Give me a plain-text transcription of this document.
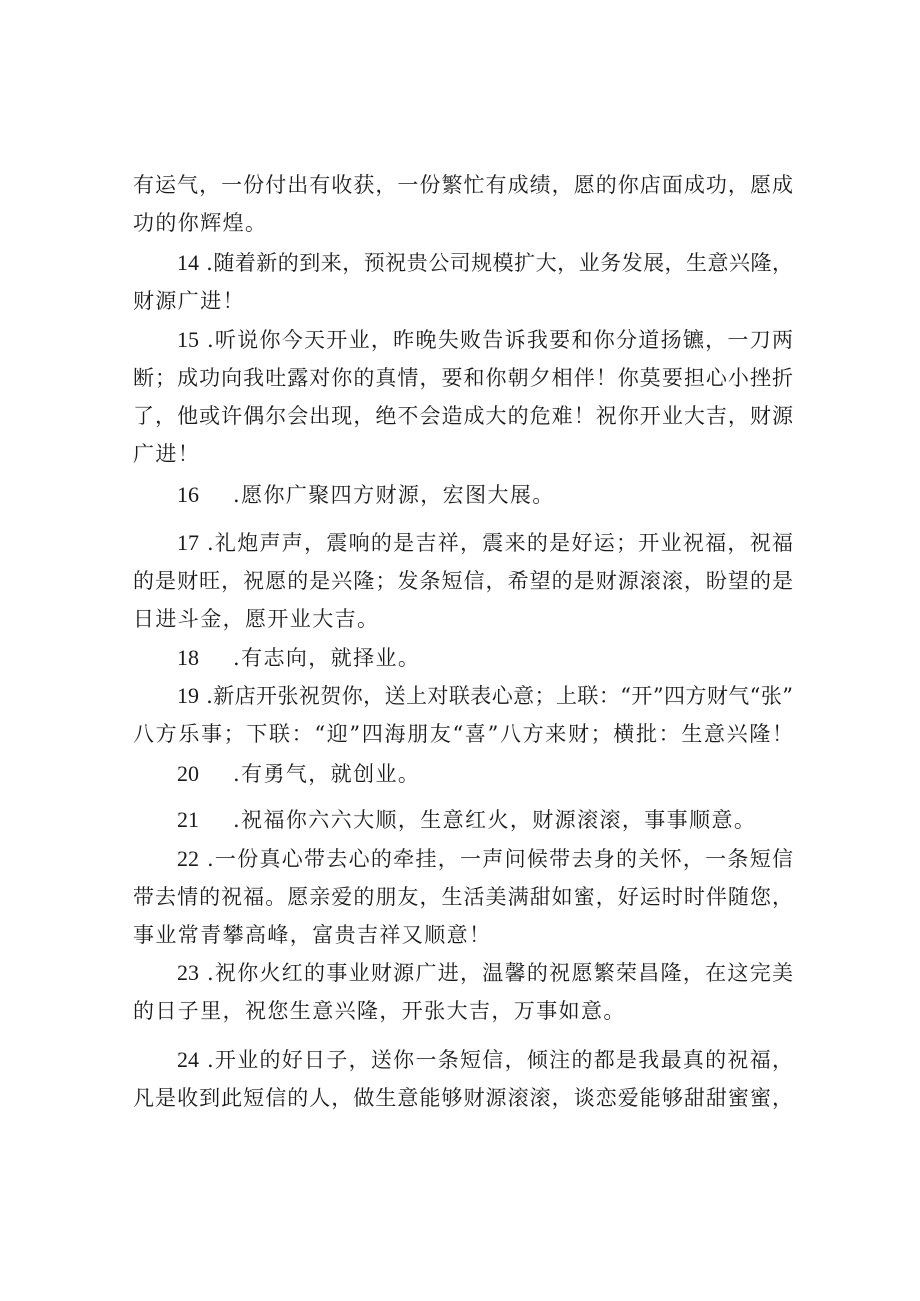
有运气，一份付出有收获，一份繁忙有成绩，愿的你店面成功，愿成
功的你辉煌。
14 .随着新的到来，预祝贵公司规模扩大，业务发展，生意兴隆，
财源广进！
15 .听说你今天开业，昨晚失败告诉我要和你分道扬镳，一刀两
断；成功向我吐露对你的真情，要和你朝夕相伴！你莫要担心小挫折
了，他或许偶尔会出现，绝不会造成大的危难！祝你开业大吉，财源
广进！
16 .愿你广聚四方财源，宏图大展。
17 .礼炮声声，震响的是吉祥，震来的是好运；开业祝福，祝福
的是财旺，祝愿的是兴隆；发条短信，希望的是财源滚滚，盼望的是
日进斗金，愿开业大吉。
18 .有志向，就择业。
19 .新店开张祝贺你，送上对联表心意；上联：“开”四方财气“张”
八方乐事；下联：“迎”四海朋友“喜”八方来财；横批：生意兴隆！
20 .有勇气，就创业。
21 .祝福你六六大顺，生意红火，财源滚滚，事事顺意。
22 .一份真心带去心的牵挂，一声问候带去身的关怀，一条短信
带去情的祝福。愿亲爱的朋友，生活美满甜如蜜，好运时时伴随您，
事业常青攀高峰，富贵吉祥又顺意！
23 .祝你火红的事业财源广进，温馨的祝愿繁荣昌隆，在这完美
的日子里，祝您生意兴隆，开张大吉，万事如意。
24 .开业的好日子，送你一条短信，倾注的都是我最真的祝福，
凡是收到此短信的人，做生意能够财源滚滚，谈恋爱能够甜甜蜜蜜，
